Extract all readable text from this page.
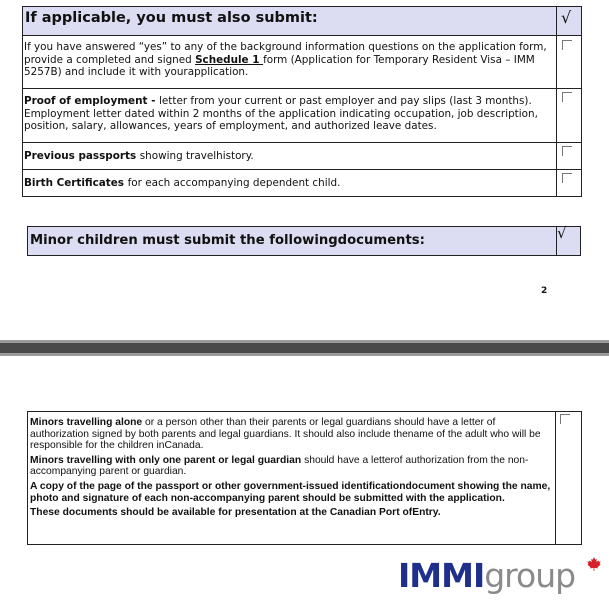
If applicable, you must also submit:	√
If you have answered “yes” to any of the background information questions on the application form, provide a completed and signed Schedule 1 form (Application for Temporary Resident Visa – IMM 5257B) and include it with yourapplication.
Proof of employment - letter from your current or past employer and pay slips (last 3 months). Employment letter dated within 2 months of the application indicating occupation, job description, position, salary, allowances, years of employment, and authorized leave dates.
Previous passports showing travelhistory.
Birth Certificates for each accompanying dependent child.
Minor children must submit the followingdocuments:	√
2

Minors travelling alone or a person other than their parents or legal guardians should have a letter of authorization signed by both parents and legal guardians. It should also include thename of the adult who will be responsible for the children inCanada.

Minors travelling with only one parent or legal guardian should have a letterof authorization from the non-accompanying parent or guardian.

A copy of the page of the passport or other government-issued identificationdocument showing the name, photo and signature of each non-accompanying parent should be submitted with the application.

These documents should be available for presentation at the Canadian Port ofEntry.

IMMIgroup
